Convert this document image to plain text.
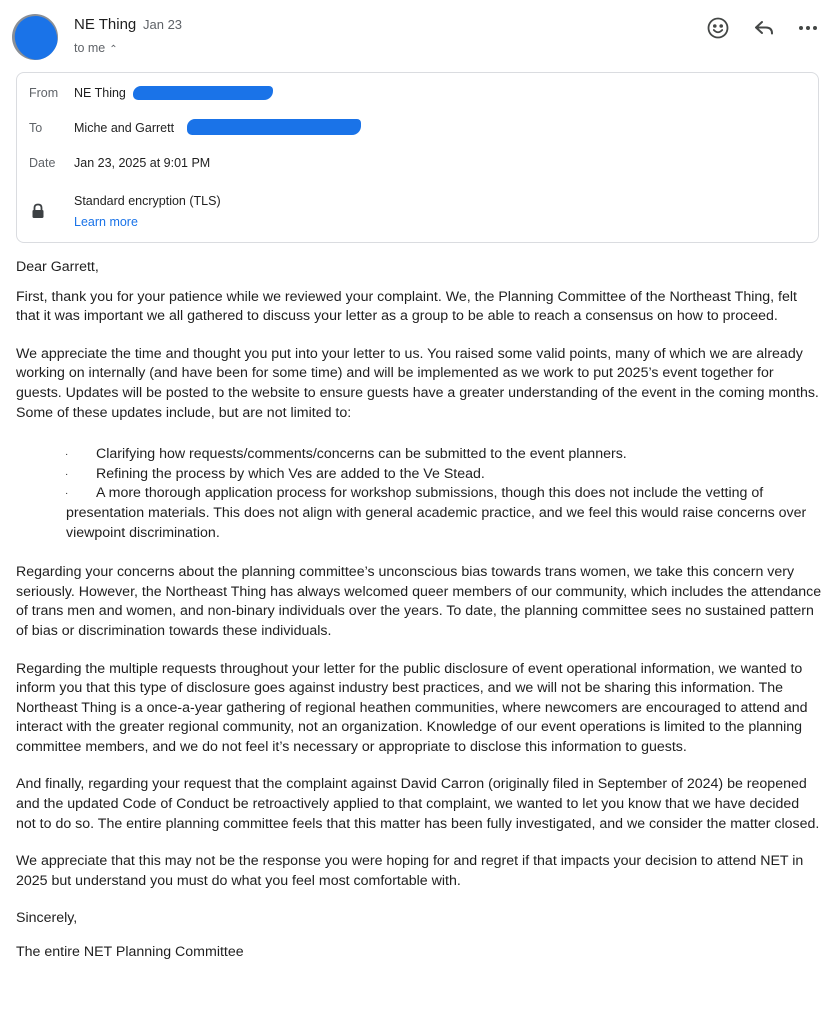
NE Thing Jan 23
to me ⌃
From NE Thing
To	Miche and Garrett
Date Jan 23, 2025 at 9:01 PM
Standard encryption (TLS)
Learn more

Dear Garrett,

First, thank you for your patience while we reviewed your complaint. We, the Planning Committee of the Northeast Thing, felt that it was important we all gathered to discuss your letter as a group to be able to reach a consensus on how to proceed.

We appreciate the time and thought you put into your letter to us. You raised some valid points, many of which we are already working on internally (and have been for some time) and will be implemented as we work to put 2025’s event together for guests. Updates will be posted to the website to ensure guests have a greater understanding of the event in the coming months. Some of these updates include, but are not limited to:

· Clarifying how requests/comments/concerns can be submitted to the event planners.
· Refining the process by which Ves are added to the Ve Stead.
·	A more thorough application process for workshop submissions, though this does not include the vetting of presentation materials. This does not align with general academic practice, and we feel this would raise concerns over viewpoint discrimination.

Regarding your concerns about the planning committee’s unconscious bias towards trans women, we take this concern very seriously. However, the Northeast Thing has always welcomed queer members of our community, which includes the attendance of trans men and women, and non-binary individuals over the years. To date, the planning committee sees no sustained pattern of bias or discrimination towards these individuals.

Regarding the multiple requests throughout your letter for the public disclosure of event operational information, we wanted to inform you that this type of disclosure goes against industry best practices, and we will not be sharing this information. The Northeast Thing is a once-a-year gathering of regional heathen communities, where newcomers are encouraged to attend and interact with the greater regional community, not an organization. Knowledge of our event operations is limited to the planning committee members, and we do not feel it’s necessary or appropriate to disclose this information to guests.

And finally, regarding your request that the complaint against David Carron (originally filed in September of 2024) be reopened and the updated Code of Conduct be retroactively applied to that complaint, we wanted to let you know that we have decided not to do so. The entire planning committee feels that this matter has been fully investigated, and we consider the matter closed.

We appreciate that this may not be the response you were hoping for and regret if that impacts your decision to attend NET in 2025 but understand you must do what you feel most comfortable with.

Sincerely,

The entire NET Planning Committee
